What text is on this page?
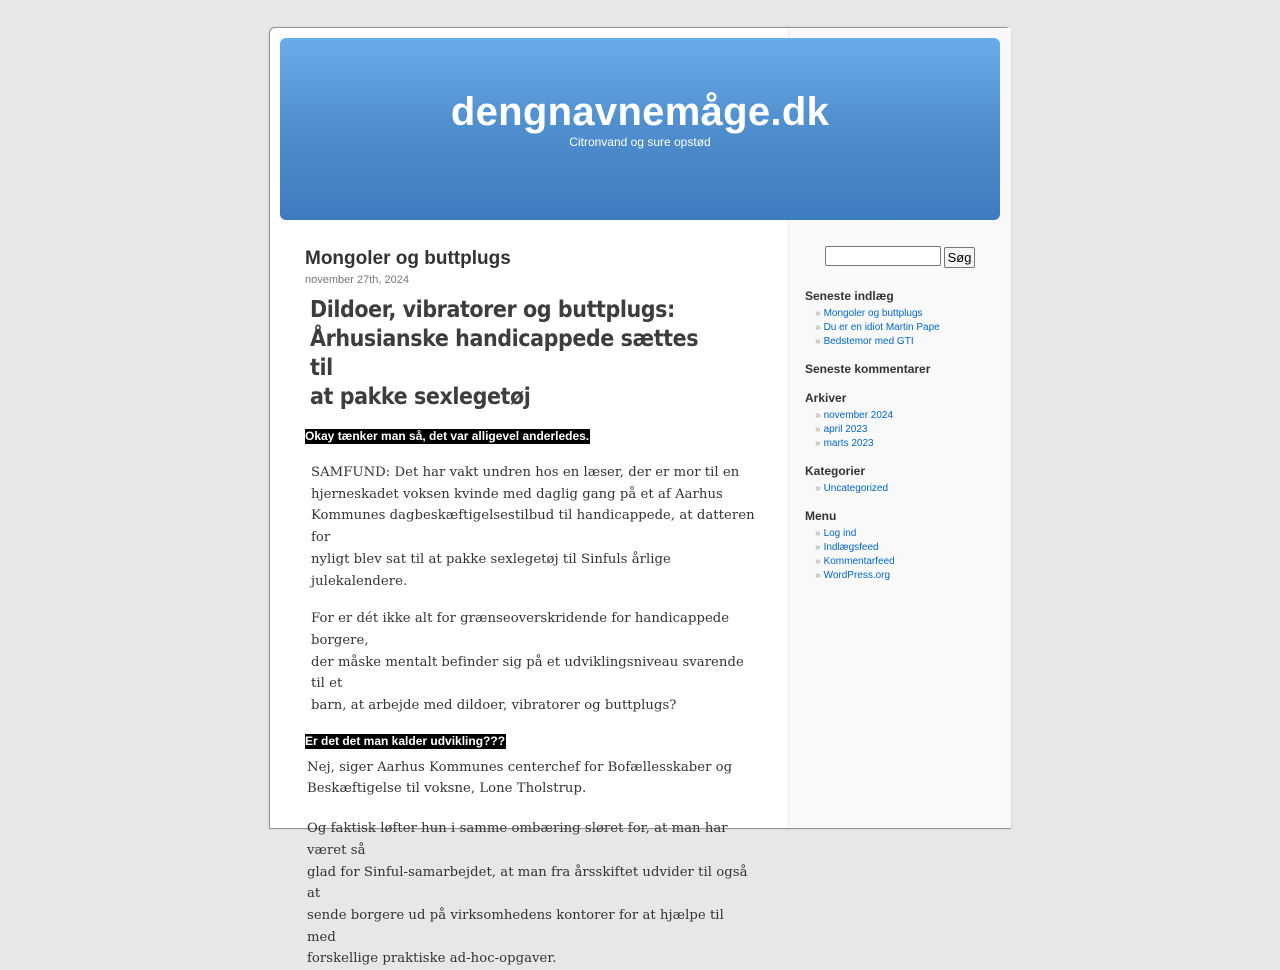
dengnavnemåge.dk
Citronvand og sure opstød
Mongoler og buttplugs
november 27th, 2024
Dildoer, vibratorer og buttplugs:
Århusianske handicappede sættes til
at pakke sexlegetøj
Okay tænker man så, det var alligevel anderledes.
SAMFUND: Det har vakt undren hos en læser, der er mor til en
hjerneskadet voksen kvinde med daglig gang på et af Aarhus
Kommunes dagbeskæftigelsestilbud til handicappede, at datteren for
nyligt blev sat til at pakke sexlegetøj til Sinfuls årlige julekalendere.
For er dét ikke alt for grænseoverskridende for handicappede borgere,
der måske mentalt befinder sig på et udviklingsniveau svarende til et
barn, at arbejde med dildoer, vibratorer og buttplugs?
Er det det man kalder udvikling???
Nej, siger Aarhus Kommunes centerchef for Bofællesskaber og
Beskæftigelse til voksne, Lone Tholstrup.
Og faktisk løfter hun i samme ombæring sløret for, at man har været så
glad for Sinful-samarbejdet, at man fra årsskiftet udvider til også at
sende borgere ud på virksomhedens kontorer for at hjælpe til med
forskellige praktiske ad-hoc-opgaver.
Søg
Seneste indlæg
» Mongoler og buttplugs
» Du er en idiot Martin Pape
» Bedstemor med GTI
Seneste kommentarer
Arkiver
» november 2024
» april 2023
» marts 2023
Kategorier
» Uncategorized
Menu
» Log ind
» Indlægsfeed
» Kommentarfeed
» WordPress.org
